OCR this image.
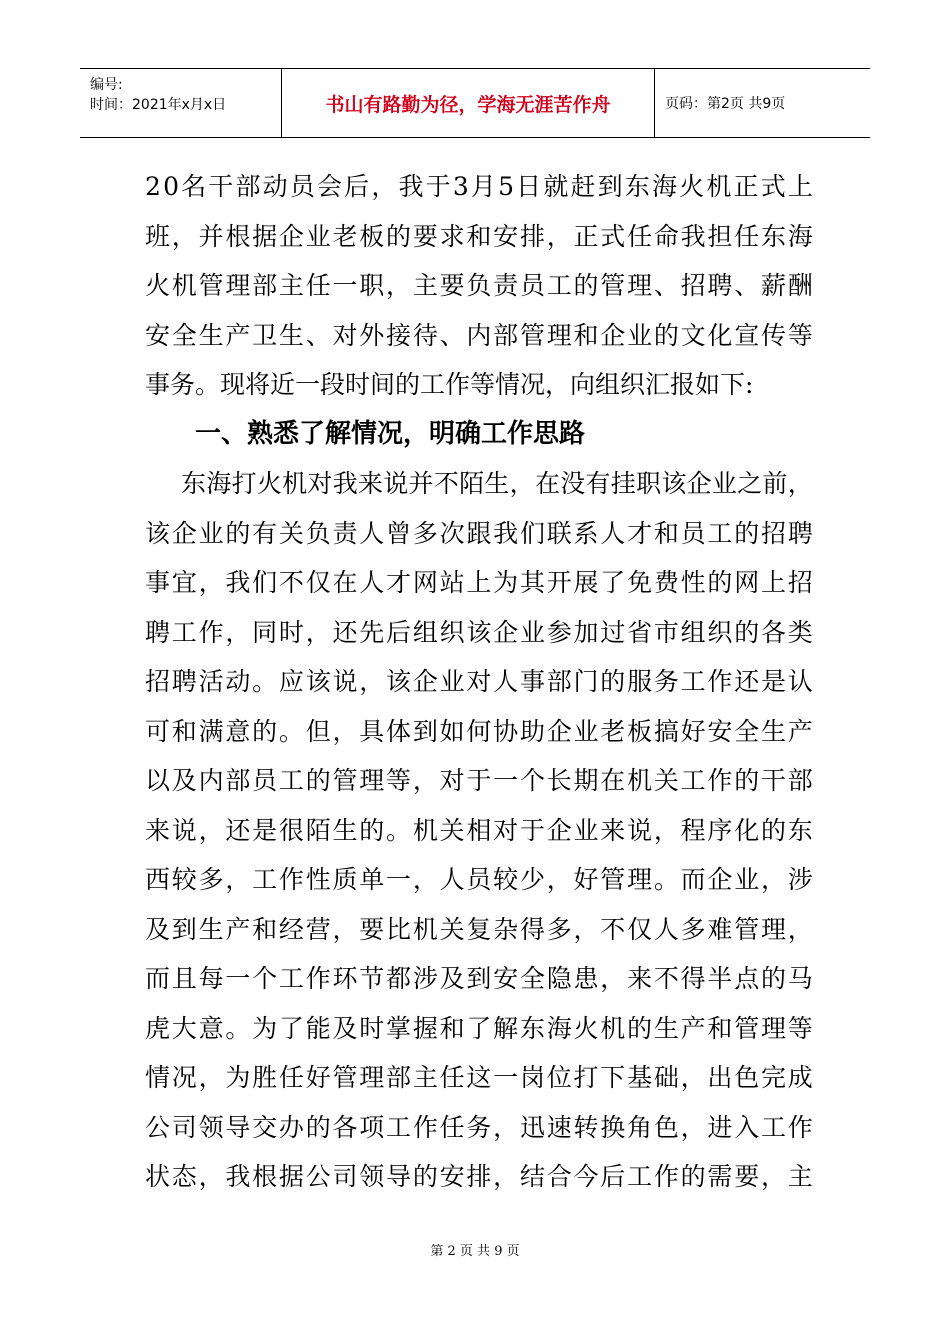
编号:
时间：2021年x月x日	书山有路勤为径，学海无涯苦作舟	页码：第2页 共9页
2 0 名 干 部 动 员 会 后 ， 我 于 3 月 5 日 就 赶 到 东 海 火 机 正 式 上
班 ， 并 根 据 企 业 老 板 的 要 求 和 安 排 ， 正 式 任 命 我 担 任 东 海
火 机 管 理 部 主 任 一 职 ， 主 要 负 责 员 工 的 管 理 、 招 聘 、 薪 酬
安 全 生 产 卫 生 、 对 外 接 待 、 内 部 管 理 和 企 业 的 文 化 宣 传 等
事务。现将近一段时间的工作等情况，向组织汇报如下:
一、熟悉了解情况，明确工作思路
东 海 打 火 机 对 我 来 说 并 不 陌 生 ， 在 没 有 挂 职 该 企 业 之 前 ，
该 企 业 的 有 关 负 责 人 曾 多 次 跟 我 们 联 系 人 才 和 员 工 的 招 聘
事 宜 ， 我 们 不 仅 在 人 才 网 站 上 为 其 开 展 了 免 费 性 的 网 上 招
聘 工 作 ， 同 时 ， 还 先 后 组 织 该 企 业 参 加 过 省 市 组 织 的 各 类
招 聘 活 动 。 应 该 说 ， 该 企 业 对 人 事 部 门 的 服 务 工 作 还 是 认
可 和 满 意 的 。 但 ， 具 体 到 如 何 协 助 企 业 老 板 搞 好 安 全 生 产
以 及 内 部 员 工 的 管 理 等 ， 对 于 一 个 长 期 在 机 关 工 作 的 干 部
来 说 ， 还 是 很 陌 生 的 。 机 关 相 对 于 企 业 来 说 ， 程 序 化 的 东
西 较 多 ， 工 作 性 质 单 一 ， 人 员 较 少 ， 好 管 理 。 而 企 业 ， 涉
及 到 生 产 和 经 营 ， 要 比 机 关 复 杂 得 多 ， 不 仅 人 多 难 管 理 ，
而 且 每 一 个 工 作 环 节 都 涉 及 到 安 全 隐 患 ， 来 不 得 半 点 的 马
虎 大 意 。 为 了 能 及 时 掌 握 和 了 解 东 海 火 机 的 生 产 和 管 理 等
情 况 ， 为 胜 任 好 管 理 部 主 任 这 一 岗 位 打 下 基 础 ， 出 色 完 成
公 司 领 导 交 办 的 各 项 工 作 任 务 ， 迅 速 转 换 角 色 ， 进 入 工 作
状 态 ， 我 根 据 公 司 领 导 的 安 排 ， 结 合 今 后 工 作 的 需 要 ， 主
第 2 页 共 9 页
